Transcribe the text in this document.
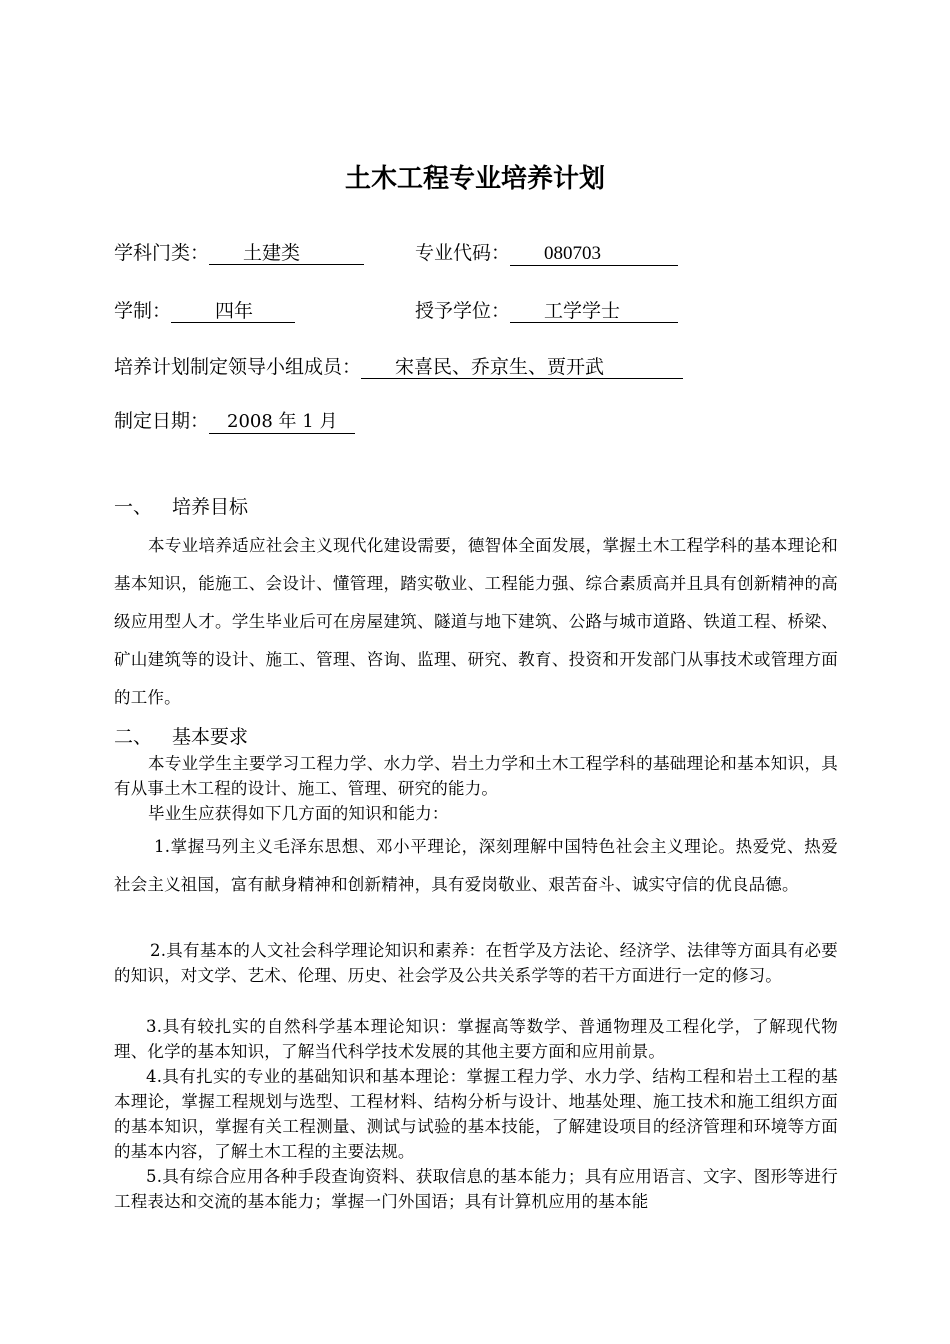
土木工程专业培养计划
学科门类： 土建类	专业代码： 080703
学制： 四年	授予学位： 工学学士
培养计划制定领导小组成员： 宋喜民、乔京生、贾开武
制定日期： 2008 年 1 月
一、 培养目标

本专业培养适应社会主义现代化建设需要，德智体全面发展，掌握土木工程学科的基本理论和基本知识，能施工、会设计、懂管理，踏实敬业、工程能力强、综合素质高并且具有创新精神的高级应用型人才。学生毕业后可在房屋建筑、隧道与地下建筑、公路与城市道路、铁道工程、桥梁、矿山建筑等的设计、施工、管理、咨询、监理、研究、教育、投资和开发部门从事技术或管理方面的工作。

二、 基本要求

本专业学生主要学习工程力学、水力学、岩土力学和土木工程学科的基础理论和基本知识，具有从事土木工程的设计、施工、管理、研究的能力。

毕业生应获得如下几方面的知识和能力：

1.掌握马列主义毛泽东思想、邓小平理论，深刻理解中国特色社会主义理论。热爱党、热爱社会主义祖国，富有献身精神和创新精神，具有爱岗敬业、艰苦奋斗、诚实守信的优良品德。

2.具有基本的人文社会科学理论知识和素养：在哲学及方法论、经济学、法律等方面具有必要的知识，对文学、艺术、伦理、历史、社会学及公共关系学等的若干方面进行一定的修习。

3.具有较扎实的自然科学基本理论知识：掌握高等数学、普通物理及工程化学，了解现代物理、化学的基本知识，了解当代科学技术发展的其他主要方面和应用前景。

4.具有扎实的专业的基础知识和基本理论：掌握工程力学、水力学、结构工程和岩土工程的基本理论，掌握工程规划与选型、工程材料、结构分析与设计、地基处理、施工技术和施工组织方面的基本知识，掌握有关工程测量、测试与试验的基本技能，了解建设项目的经济管理和环境等方面的基本内容，了解土木工程的主要法规。

5.具有综合应用各种手段查询资料、获取信息的基本能力；具有应用语言、文字、图形等进行工程表达和交流的基本能力；掌握一门外国语；具有计算机应用的基本能
